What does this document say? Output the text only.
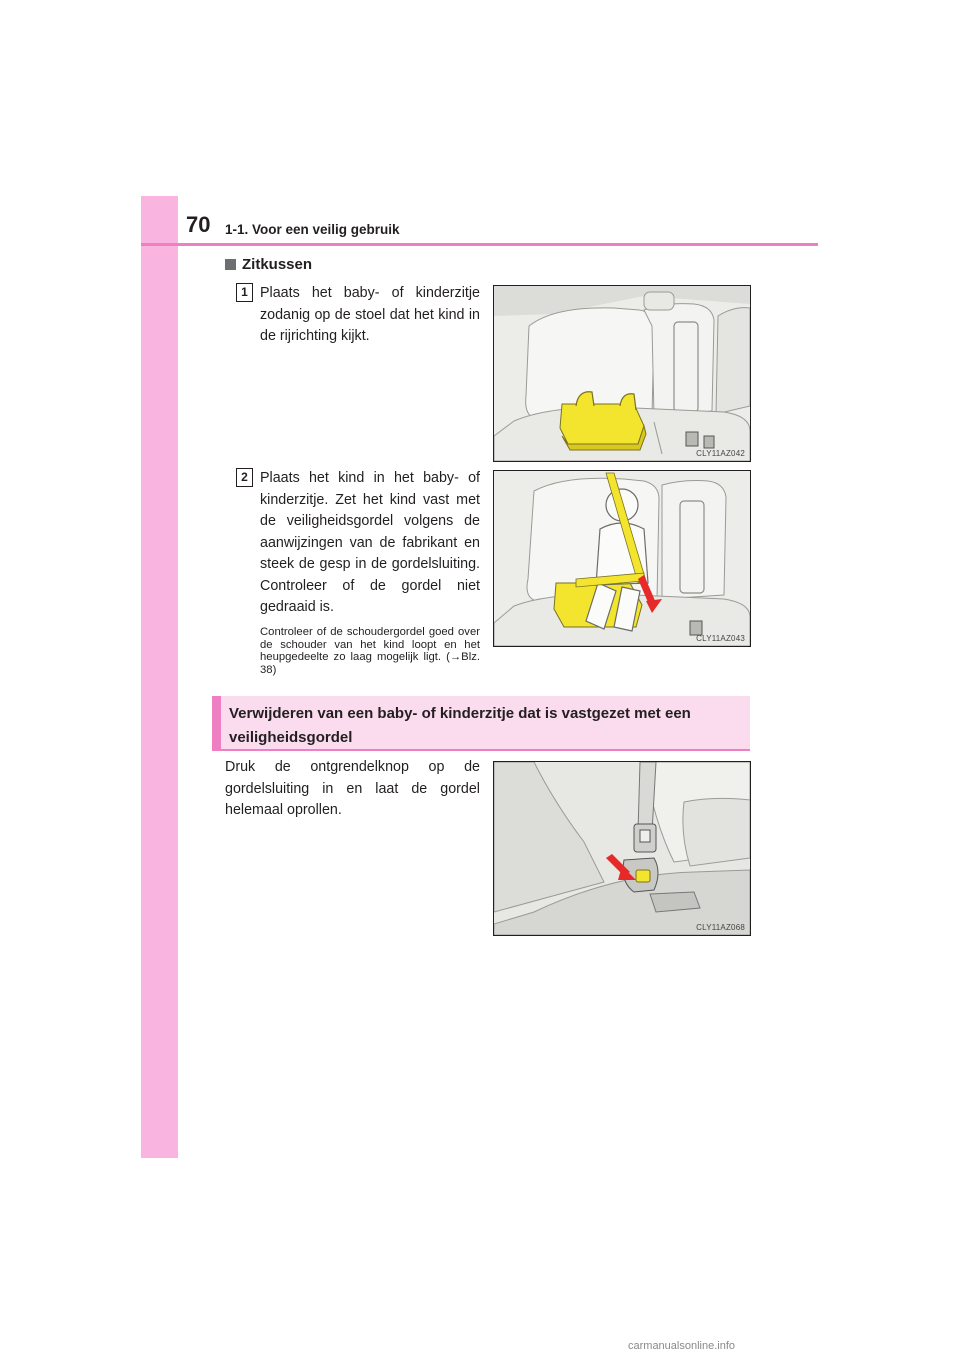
70 1-1. Voor een veilig gebruik
Zitkussen
1 Plaats het baby- of kinderzitje zodanig op de stoel dat het kind in de rijrichting kijkt.
CLY11AZ042
2 Plaats het kind in het baby- of kinderzitje. Zet het kind vast met de veiligheidsgordel volgens de aanwijzingen van de fabrikant en steek de gesp in de gordelsluiting. Controleer of de gordel niet gedraaid is.
Controleer of de schoudergordel goed over de schouder van het kind loopt en het heupgedeelte zo laag mogelijk ligt. (→Blz. 38)
CLY11AZ043
Verwijderen van een baby- of kinderzitje dat is vastgezet met een veiligheidsgordel
Druk de ontgrendelknop op de gordelsluiting in en laat de gordel helemaal oprollen.
CLY11AZ068
carmanualsonline.info
